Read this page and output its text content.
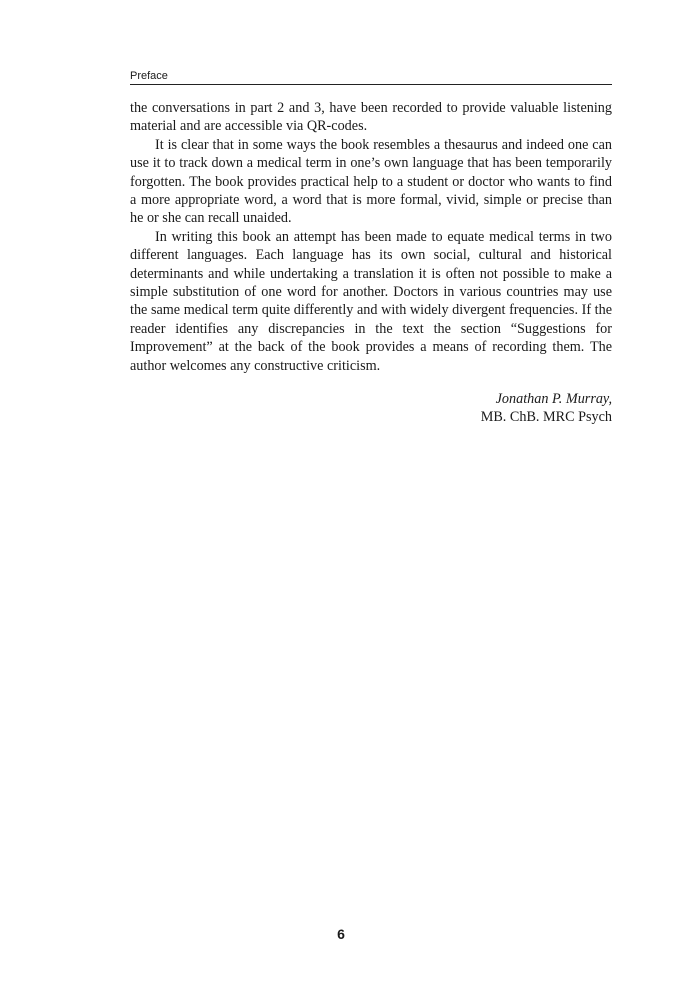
Preface

the conversations in part 2 and 3, have been recorded to provide valuable listening material and are accessible via QR-codes.

It is clear that in some ways the book resembles a thesaurus and indeed one can use it to track down a medical term in one’s own language that has been temporarily forgotten. The book provides practical help to a student or doctor who wants to find a more appropriate word, a word that is more formal, vivid, simple or precise than he or she can recall unaided.

In writing this book an attempt has been made to equate medical terms in two different languages. Each language has its own social, cultural and historical determinants and while undertaking a translation it is often not possible to make a simple substitution of one word for another. Doctors in various countries may use the same medical term quite differently and with widely divergent frequencies. If the reader identifies any discrepancies in the text the section “Suggestions for Improvement” at the back of the book provides a means of recording them. The author welcomes any constructive criticism.

Jonathan P. Murray,
MB. ChB. MRC Psych
6
